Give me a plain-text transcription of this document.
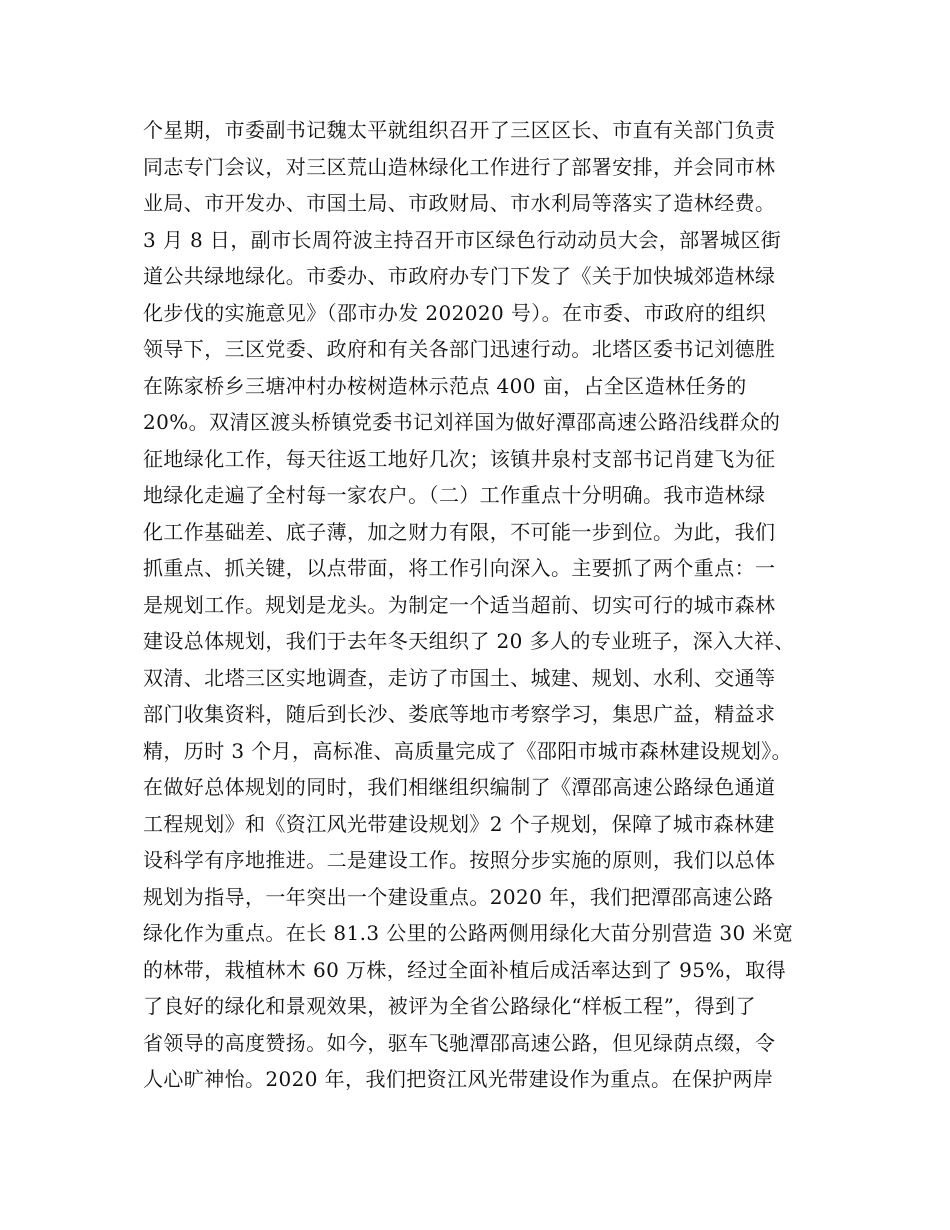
个星期，市委副书记魏太平就组织召开了三区区长、市直有关部门负责
同志专门会议，对三区荒山造林绿化工作进行了部署安排，并会同市林
业局、市开发办、市国土局、市政财局、市水利局等落实了造林经费。
3 月 8 日，副市长周符波主持召开市区绿色行动动员大会，部署城区街
道公共绿地绿化。市委办、市政府办专门下发了《关于加快城郊造林绿
化步伐的实施意见》（邵市办发 202020 号）。在市委、市政府的组织
领导下，三区党委、政府和有关各部门迅速行动。北塔区委书记刘德胜
在陈家桥乡三塘冲村办桉树造林示范点 400 亩，占全区造林任务的
20%。双清区渡头桥镇党委书记刘祥国为做好潭邵高速公路沿线群众的
征地绿化工作，每天往返工地好几次；该镇井泉村支部书记肖建飞为征
地绿化走遍了全村每一家农户。（二）工作重点十分明确。我市造林绿
化工作基础差、底子薄，加之财力有限，不可能一步到位。为此，我们
抓重点、抓关键，以点带面，将工作引向深入。主要抓了两个重点：一
是规划工作。规划是龙头。为制定一个适当超前、切实可行的城市森林
建设总体规划，我们于去年冬天组织了 20 多人的专业班子，深入大祥、
双清、北塔三区实地调查，走访了市国土、城建、规划、水利、交通等
部门收集资料，随后到长沙、娄底等地市考察学习，集思广益，精益求
精，历时 3 个月，高标准、高质量完成了《邵阳市城市森林建设规划》。
在做好总体规划的同时，我们相继组织编制了《潭邵高速公路绿色通道
工程规划》和《资江风光带建设规划》2 个子规划，保障了城市森林建
设科学有序地推进。二是建设工作。按照分步实施的原则，我们以总体
规划为指导，一年突出一个建设重点。2020 年，我们把潭邵高速公路
绿化作为重点。在长 81.3 公里的公路两侧用绿化大苗分别营造 30 米宽
的林带，栽植林木 60 万株，经过全面补植后成活率达到了 95%，取得
了良好的绿化和景观效果，被评为全省公路绿化“样板工程”，得到了
省领导的高度赞扬。如今，驱车飞驰潭邵高速公路，但见绿荫点缀，令
人心旷神怡。2020 年，我们把资江风光带建设作为重点。在保护两岸
